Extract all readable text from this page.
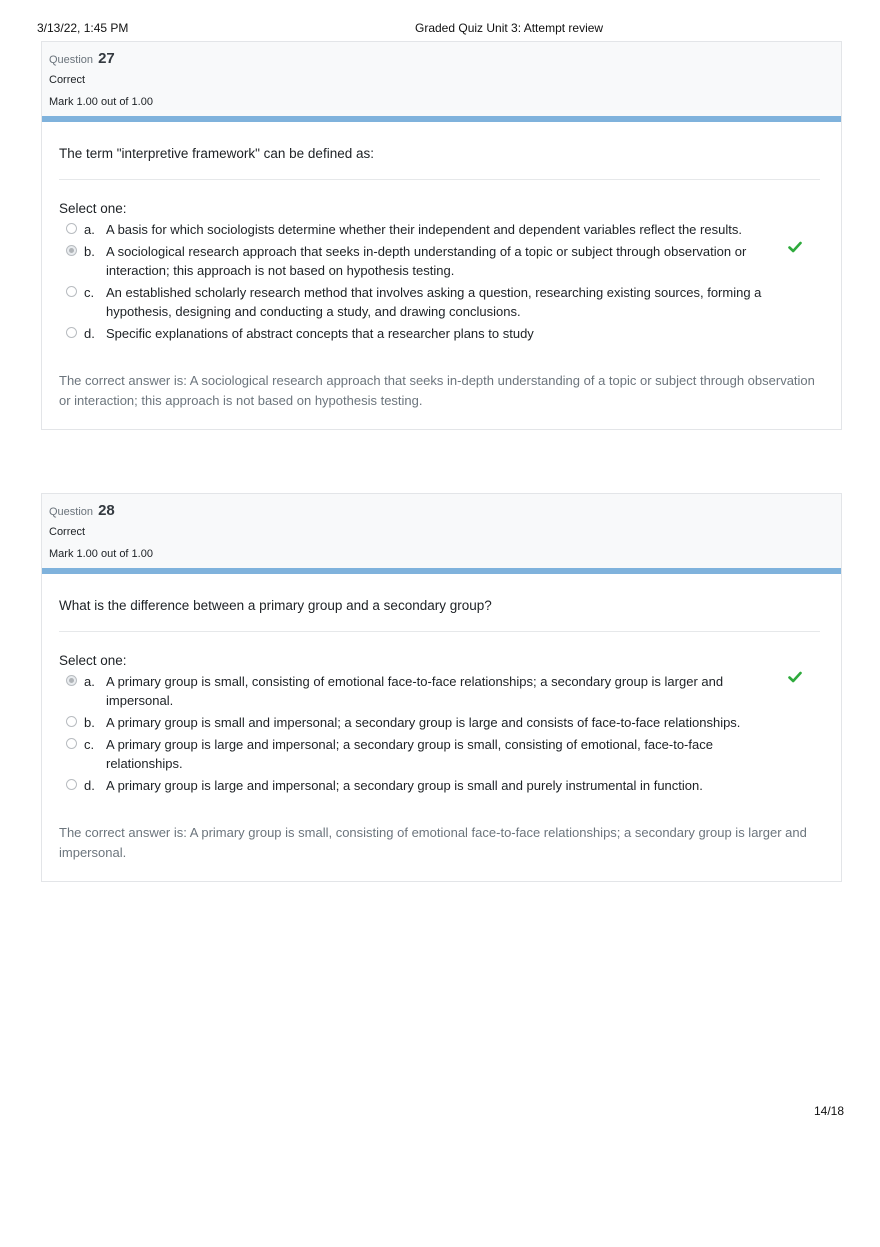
3/13/22, 1:45 PM	Graded Quiz Unit 3: Attempt review
Question 27
Correct
Mark 1.00 out of 1.00
The term "interpretive framework" can be defined as:
Select one:
a. A basis for which sociologists determine whether their independent and dependent variables reflect the results.
b. A sociological research approach that seeks in-depth understanding of a topic or subject through observation or interaction; this approach is not based on hypothesis testing.
c. An established scholarly research method that involves asking a question, researching existing sources, forming a hypothesis, designing and conducting a study, and drawing conclusions.
d. Specific explanations of abstract concepts that a researcher plans to study
The correct answer is: A sociological research approach that seeks in-depth understanding of a topic or subject through observation or interaction; this approach is not based on hypothesis testing.
Question 28
Correct
Mark 1.00 out of 1.00
What is the difference between a primary group and a secondary group?
Select one:
a. A primary group is small, consisting of emotional face-to-face relationships; a secondary group is larger and impersonal.
b. A primary group is small and impersonal; a secondary group is large and consists of face-to-face relationships.
c. A primary group is large and impersonal; a secondary group is small, consisting of emotional, face-to-face relationships.
d. A primary group is large and impersonal; a secondary group is small and purely instrumental in function.
The correct answer is: A primary group is small, consisting of emotional face-to-face relationships; a secondary group is larger and impersonal.
14/18
